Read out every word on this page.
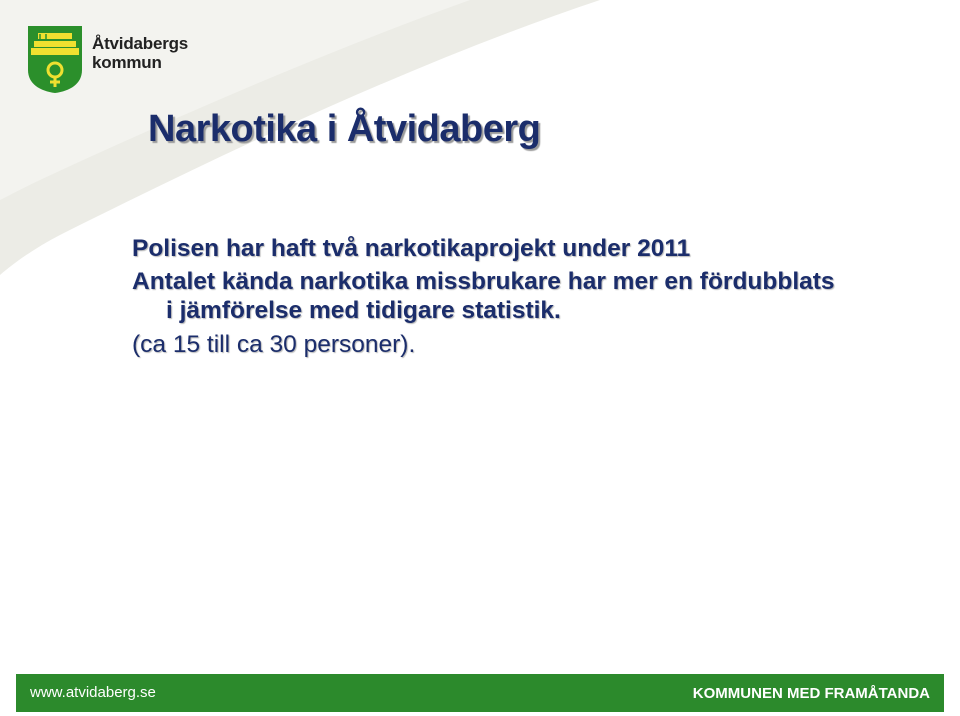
Åtvidabergs
kommun
Narkotika i Åtvidaberg
Polisen har haft två narkotikaprojekt under 2011
Antalet kända narkotika missbrukare har mer en fördubblats
i jämförelse med tidigare statistik.
(ca 15 till ca 30 personer).
www.atvidaberg.se	KOMMUNEN MED FRAMÅTANDA
